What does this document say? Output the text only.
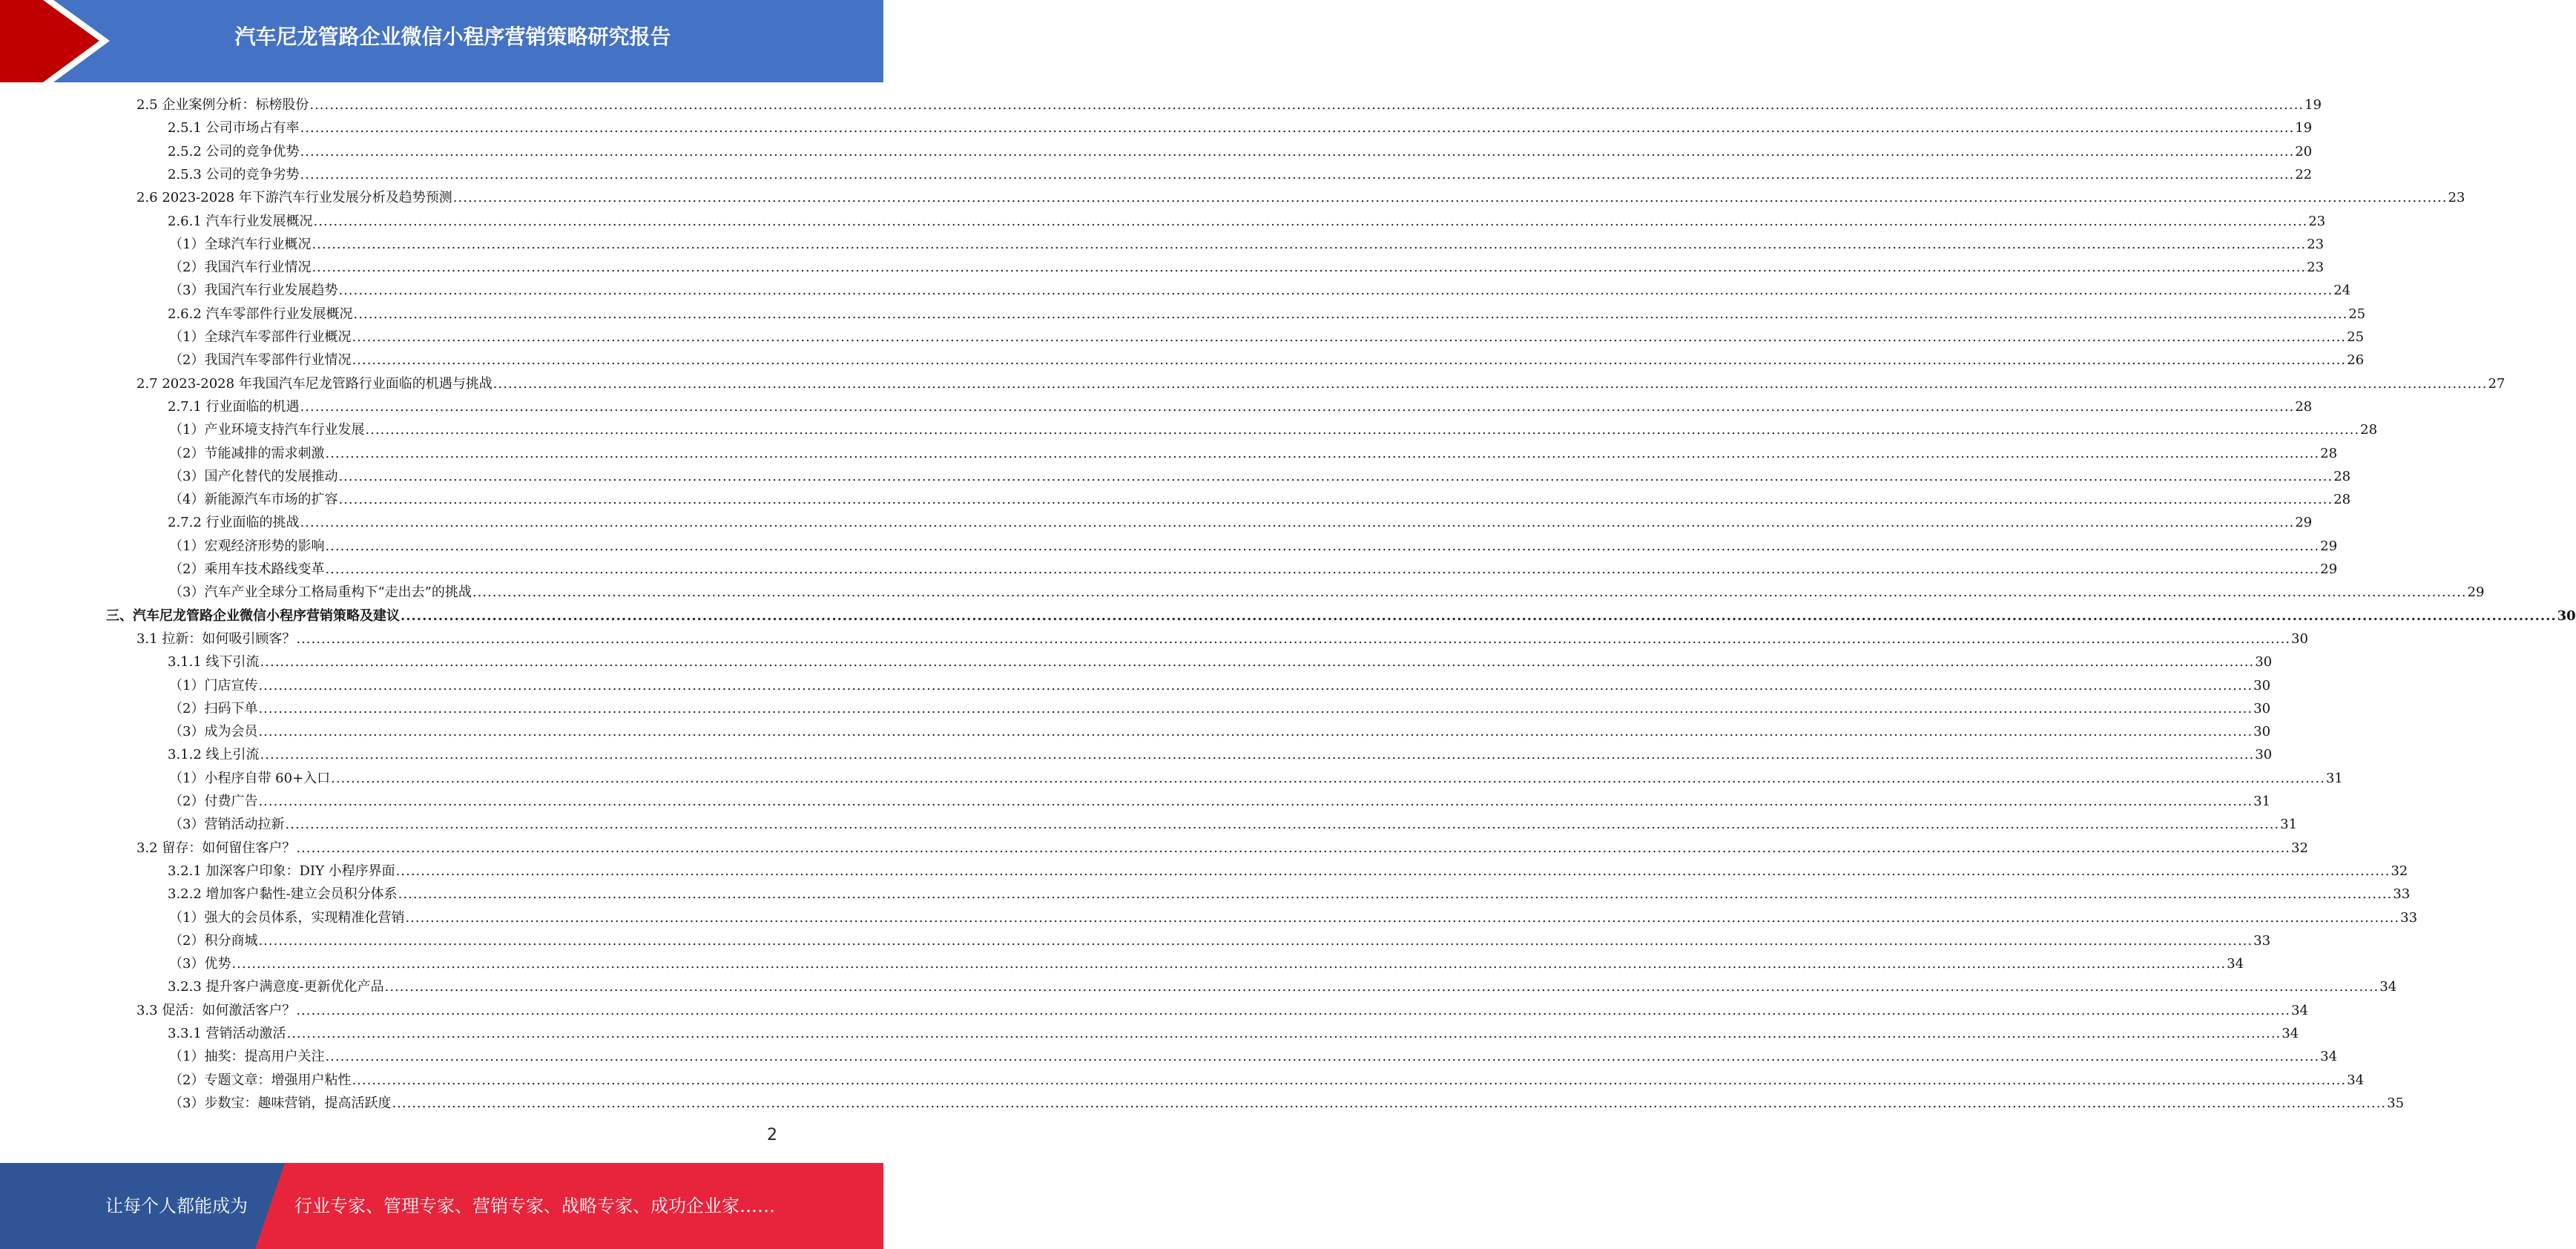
汽车尼龙管路企业微信小程序营销策略研究报告
2.5 企业案例分析：标榜股份 ................................................................................................................................................................................................................................................................................................................................................................................................................ 19
2.5.1 公司市场占有率 ................................................................................................................................................................................................................................................................................................................................................................................................................ 19
2.5.2 公司的竞争优势 ................................................................................................................................................................................................................................................................................................................................................................................................................ 20
2.5.3 公司的竞争劣势 ................................................................................................................................................................................................................................................................................................................................................................................................................ 22
2.6 2023-2028 年下游汽车行业发展分析及趋势预测 ................................................................................................................................................................................................................................................................................................................................................................................................................ 23
2.6.1 汽车行业发展概况 ................................................................................................................................................................................................................................................................................................................................................................................................................ 23
（1）全球汽车行业概况 ................................................................................................................................................................................................................................................................................................................................................................................................................ 23
（2）我国汽车行业情况 ................................................................................................................................................................................................................................................................................................................................................................................................................ 23
（3）我国汽车行业发展趋势 ................................................................................................................................................................................................................................................................................................................................................................................................................ 24
2.6.2 汽车零部件行业发展概况 ................................................................................................................................................................................................................................................................................................................................................................................................................ 25
（1）全球汽车零部件行业概况 ................................................................................................................................................................................................................................................................................................................................................................................................................ 25
（2）我国汽车零部件行业情况 ................................................................................................................................................................................................................................................................................................................................................................................................................ 26
2.7 2023-2028 年我国汽车尼龙管路行业面临的机遇与挑战 ................................................................................................................................................................................................................................................................................................................................................................................................................ 27
2.7.1 行业面临的机遇 ................................................................................................................................................................................................................................................................................................................................................................................................................ 28
（1）产业环境支持汽车行业发展 ................................................................................................................................................................................................................................................................................................................................................................................................................ 28
（2）节能减排的需求刺激 ................................................................................................................................................................................................................................................................................................................................................................................................................ 28
（3）国产化替代的发展推动 ................................................................................................................................................................................................................................................................................................................................................................................................................ 28
（4）新能源汽车市场的扩容 ................................................................................................................................................................................................................................................................................................................................................................................................................ 28
2.7.2 行业面临的挑战 ................................................................................................................................................................................................................................................................................................................................................................................................................ 29
（1）宏观经济形势的影响 ................................................................................................................................................................................................................................................................................................................................................................................................................ 29
（2）乘用车技术路线变革 ................................................................................................................................................................................................................................................................................................................................................................................................................ 29
（3）汽车产业全球分工格局重构下“走出去”的挑战 ................................................................................................................................................................................................................................................................................................................................................................................................................ 29
三、汽车尼龙管路企业微信小程序营销策略及建议 ................................................................................................................................................................................................................................................................................................................................................................................................................ 30
3.1 拉新：如何吸引顾客？ ................................................................................................................................................................................................................................................................................................................................................................................................................ 30
3.1.1 线下引流 ................................................................................................................................................................................................................................................................................................................................................................................................................ 30
（1）门店宣传 ................................................................................................................................................................................................................................................................................................................................................................................................................ 30
（2）扫码下单 ................................................................................................................................................................................................................................................................................................................................................................................................................ 30
（3）成为会员 ................................................................................................................................................................................................................................................................................................................................................................................................................ 30
3.1.2 线上引流 ................................................................................................................................................................................................................................................................................................................................................................................................................ 30
（1）小程序自带 60+入口 ................................................................................................................................................................................................................................................................................................................................................................................................................ 31
（2）付费广告 ................................................................................................................................................................................................................................................................................................................................................................................................................ 31
（3）营销活动拉新 ................................................................................................................................................................................................................................................................................................................................................................................................................ 31
3.2 留存：如何留住客户？ ................................................................................................................................................................................................................................................................................................................................................................................................................ 32
3.2.1 加深客户印象：DIY 小程序界面 ................................................................................................................................................................................................................................................................................................................................................................................................................ 32
3.2.2 增加客户黏性-建立会员积分体系 ................................................................................................................................................................................................................................................................................................................................................................................................................ 33
（1）强大的会员体系，实现精准化营销 ................................................................................................................................................................................................................................................................................................................................................................................................................ 33
（2）积分商城 ................................................................................................................................................................................................................................................................................................................................................................................................................ 33
（3）优势 ................................................................................................................................................................................................................................................................................................................................................................................................................ 34
3.2.3 提升客户满意度-更新优化产品 ................................................................................................................................................................................................................................................................................................................................................................................................................ 34
3.3 促活：如何激活客户？ ................................................................................................................................................................................................................................................................................................................................................................................................................ 34
3.3.1 营销活动激活 ................................................................................................................................................................................................................................................................................................................................................................................................................ 34
（1）抽奖：提高用户关注 ................................................................................................................................................................................................................................................................................................................................................................................................................ 34
（2）专题文章：增强用户粘性 ................................................................................................................................................................................................................................................................................................................................................................................................................ 34
（3）步数宝：趣味营销，提高活跃度 ................................................................................................................................................................................................................................................................................................................................................................................................................ 35
2
让每个人都能成为	行业专家、管理专家、营销专家、战略专家、成功企业家……
